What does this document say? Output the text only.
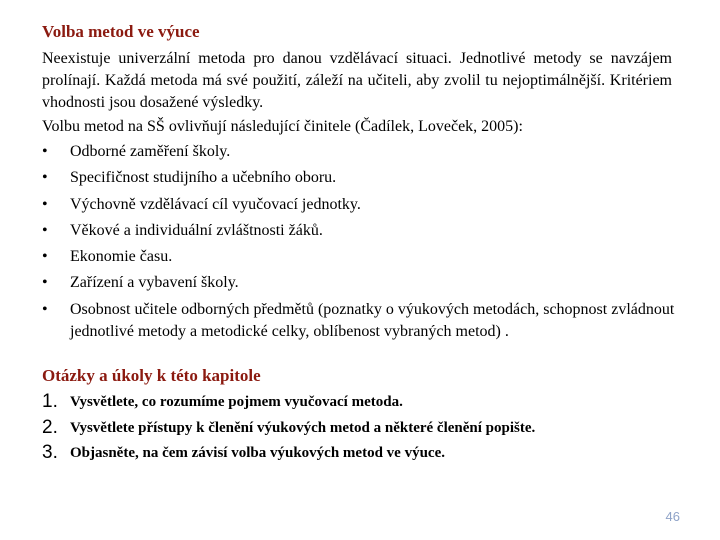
Volba metod ve výuce

Neexistuje univerzální metoda pro danou vzdělávací situaci. Jednotlivé metody se navzájem prolínají. Každá metoda má své použití, záleží na učiteli, aby zvolil tu nejoptimálnější. Kritériem vhodnosti jsou dosažené výsledky.

Volbu metod na SŠ ovlivňují následující činitele (Čadílek, Loveček, 2005):
• Odborné zaměření školy.
• Specifičnost studijního a učebního oboru.
• Výchovně vzdělávací cíl vyučovací jednotky.
• Věkové a individuální zvláštnosti žáků.
• Ekonomie času.
• Zařízení a vybavení školy.
• Osobnost učitele odborných předmětů (poznatky o výukových metodách, schopnost zvládnout jednotlivé metody a metodické celky, oblíbenost vybraných metod) .
Otázky a úkoly k této kapitole
1. Vysvětlete, co rozumíme pojmem vyučovací metoda.
2. Vysvětlete přístupy k členění výukových metod a některé členění popište.
3. Objasněte, na čem závisí volba výukových metod ve výuce.
46
